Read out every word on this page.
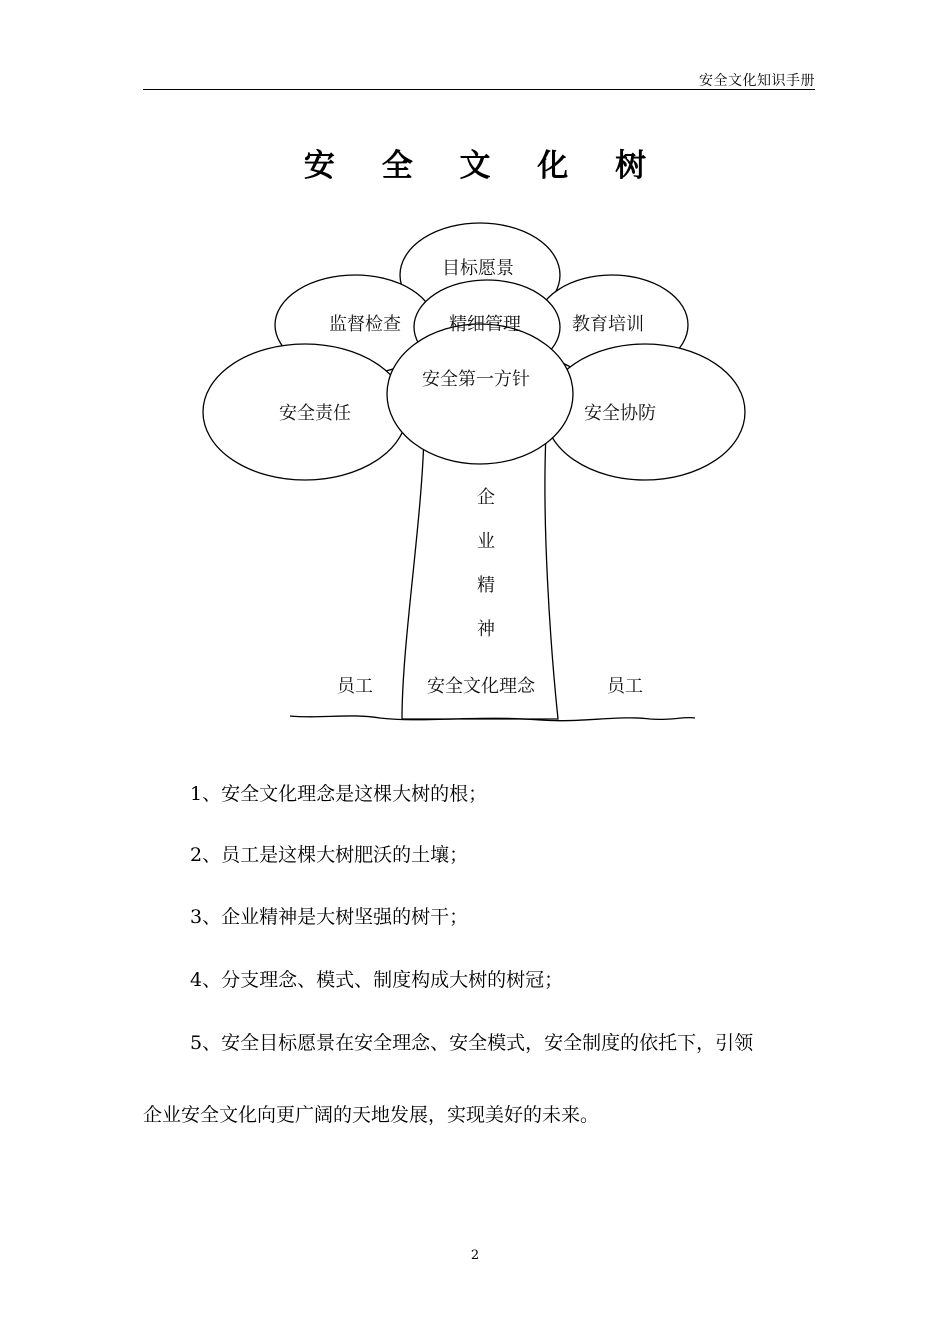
安全文化知识手册
安 全 文 化 树
目标愿景
监督检查	精细管理	教育培训
安全责任
安全第一方针
安全协防
企
业
精
神
安全文化理念
员工	员工
1、安全文化理念是这棵大树的根；
2、员工是这棵大树肥沃的土壤；
3、企业精神是大树坚强的树干；
4、分支理念、模式、制度构成大树的树冠；
5、安全目标愿景在安全理念、安全模式，安全制度的依托下，引领
企业安全文化向更广阔的天地发展，实现美好的未来。
2
